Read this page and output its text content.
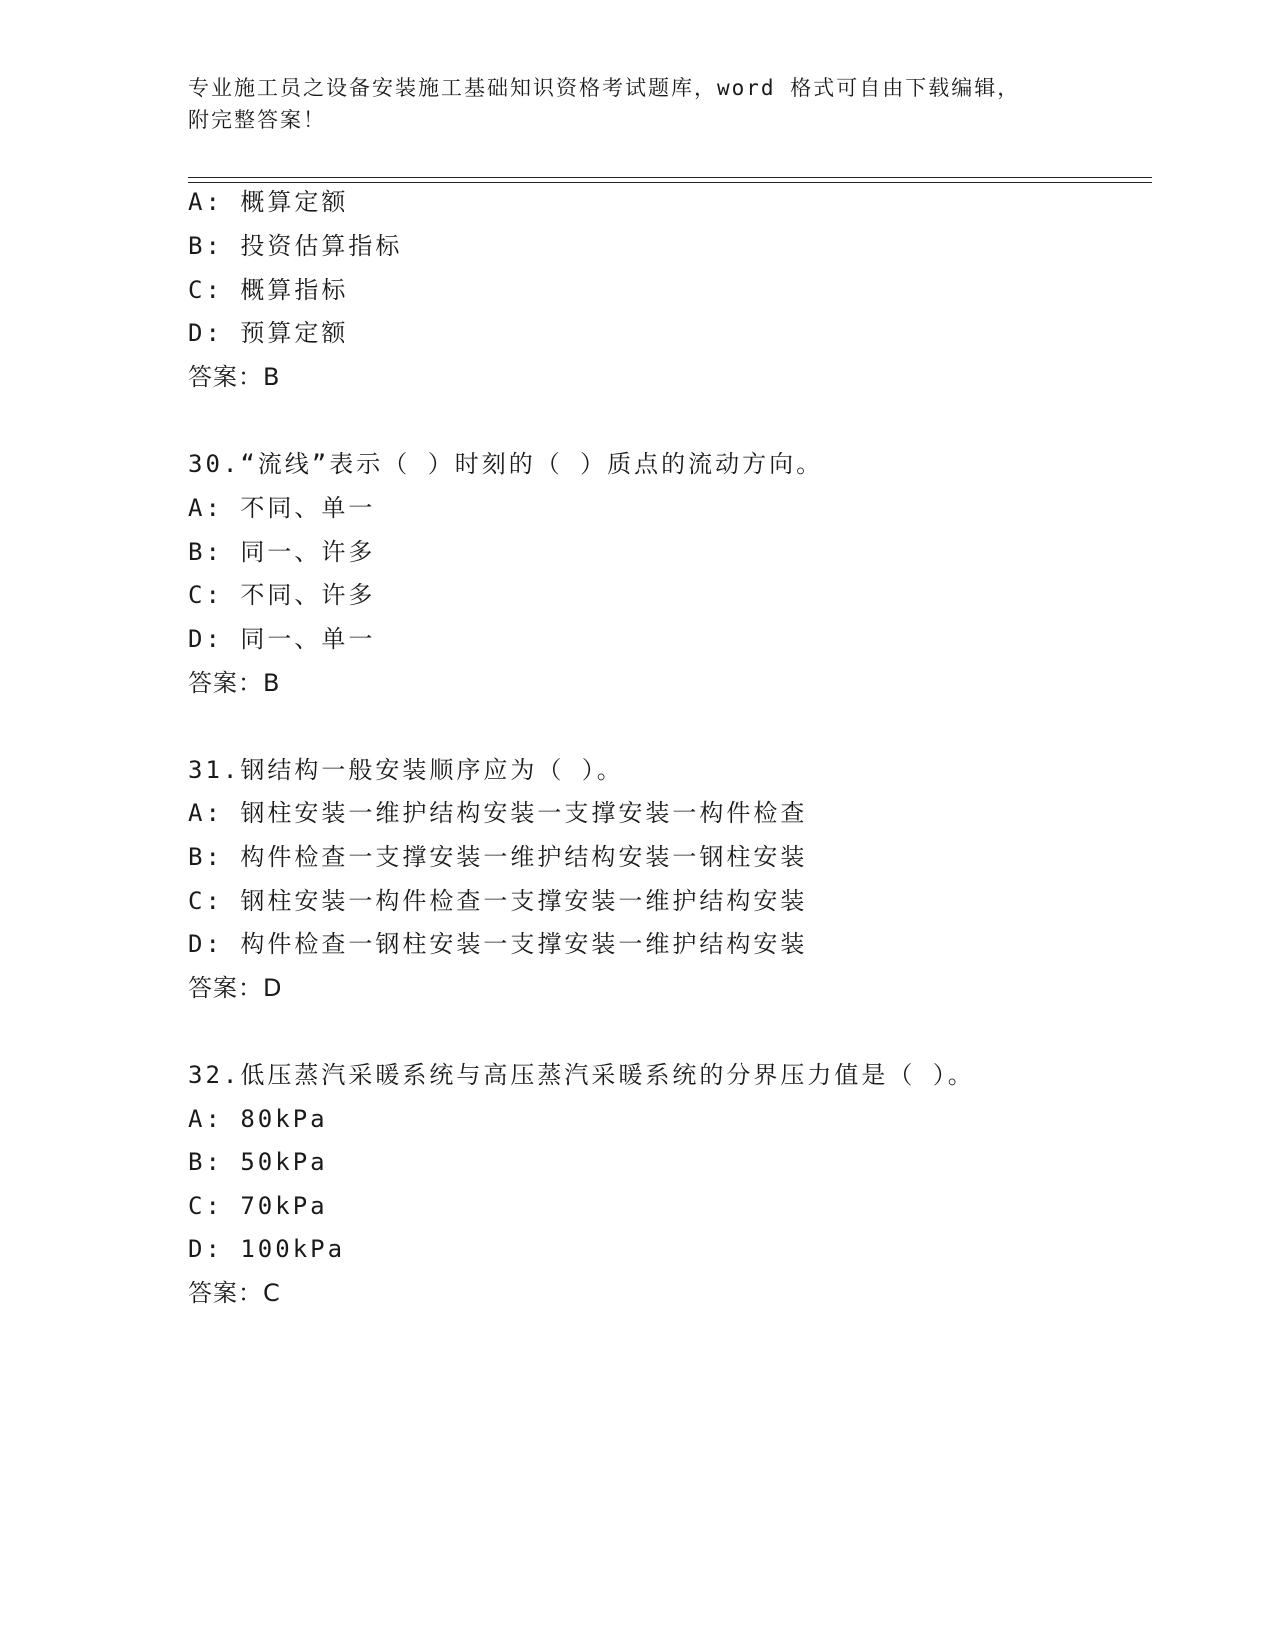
专业施工员之设备安装施工基础知识资格考试题库，word 格式可自由下载编辑，
附完整答案！
A: 概算定额
B: 投资估算指标
C: 概算指标
D: 预算定额
答案：B
30.“流线”表示（ ）时刻的（ ）质点的流动方向。
A: 不同、单一
B: 同一、许多
C: 不同、许多
D: 同一、单一
答案：B
31.钢结构一般安装顺序应为（ ）。
A: 钢柱安装一维护结构安装一支撑安装一构件检查
B: 构件检查一支撑安装一维护结构安装一钢柱安装
C: 钢柱安装一构件检查一支撑安装一维护结构安装
D: 构件检查一钢柱安装一支撑安装一维护结构安装
答案：D
32.低压蒸汽采暖系统与高压蒸汽采暖系统的分界压力值是（ ）。
A: 80kPa
B: 50kPa
C: 70kPa
D: 100kPa
答案：C
